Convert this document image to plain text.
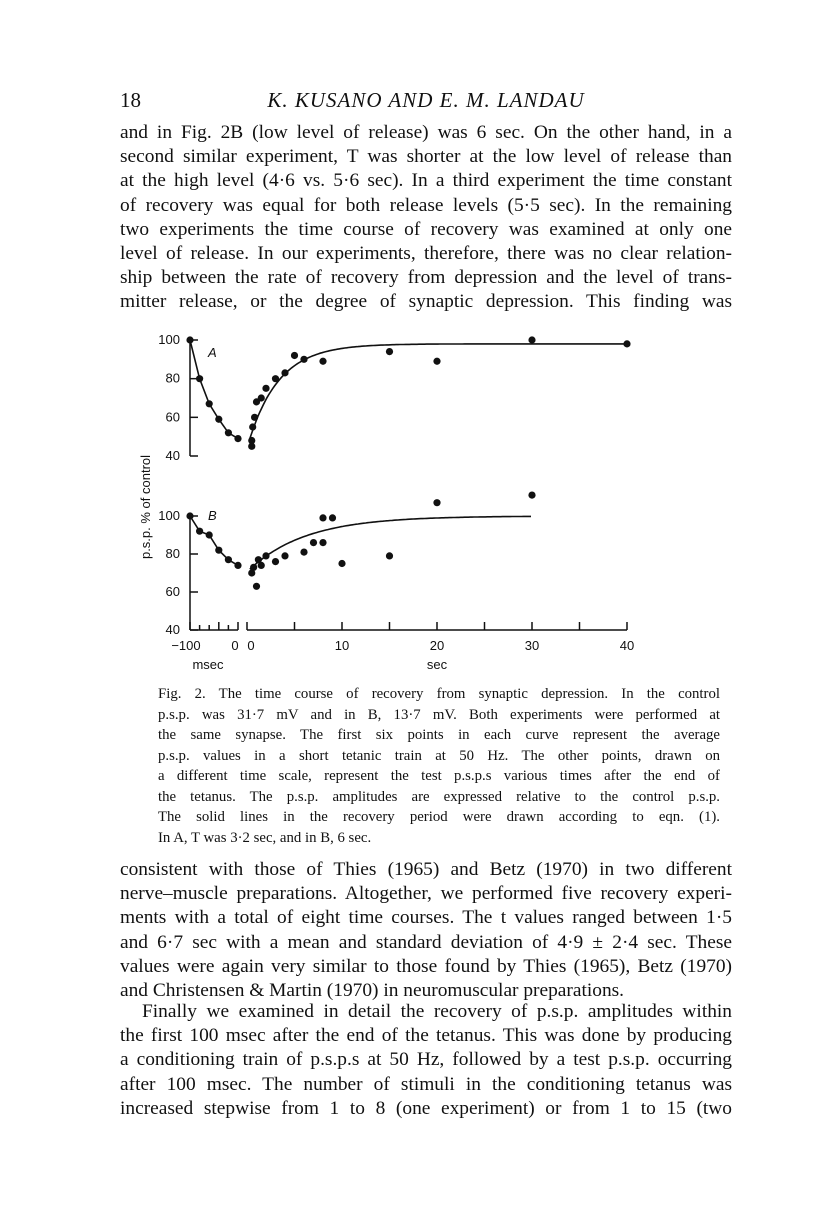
18	K. KUSANO AND E. M. LANDAU
and in Fig. 2B (low level of release) was 6 sec. On the other hand, in a
second similar experiment, T was shorter at the low level of release than
at the high level (4·6 vs. 5·6 sec). In a third experiment the time constant
of recovery was equal for both release levels (5·5 sec). In the remaining
two experiments the time course of recovery was examined at only one
level of release. In our experiments, therefore, there was no clear relation-
ship between the rate of recovery from depression and the level of trans-
mitter release, or the degree of synaptic depression. This finding was
p.s.p. % of control
A
B
100
80
60
40
100
80
60
40
−100 0 0	10	20	30	40
msec	sec
Fig. 2. The time course of recovery from synaptic depression. In the control
p.s.p. was 31·7 mV and in B, 13·7 mV. Both experiments were performed at
the same synapse. The first six points in each curve represent the average
p.s.p. values in a short tetanic train at 50 Hz. The other points, drawn on
a different time scale, represent the test p.s.p.s various times after the end of
the tetanus. The p.s.p. amplitudes are expressed relative to the control p.s.p.
The solid lines in the recovery period were drawn according to eqn. (1).
In A, T was 3·2 sec, and in B, 6 sec.
consistent with those of Thies (1965) and Betz (1970) in two different
nerve–muscle preparations. Altogether, we performed five recovery experi-
ments with a total of eight time courses. The t values ranged between 1·5
and 6·7 sec with a mean and standard deviation of 4·9 ± 2·4 sec. These
values were again very similar to those found by Thies (1965), Betz (1970)
and Christensen & Martin (1970) in neuromuscular preparations.
Finally we examined in detail the recovery of p.s.p. amplitudes within
the first 100 msec after the end of the tetanus. This was done by producing
a conditioning train of p.s.p.s at 50 Hz, followed by a test p.s.p. occurring
after 100 msec. The number of stimuli in the conditioning tetanus was
increased stepwise from 1 to 8 (one experiment) or from 1 to 15 (two
